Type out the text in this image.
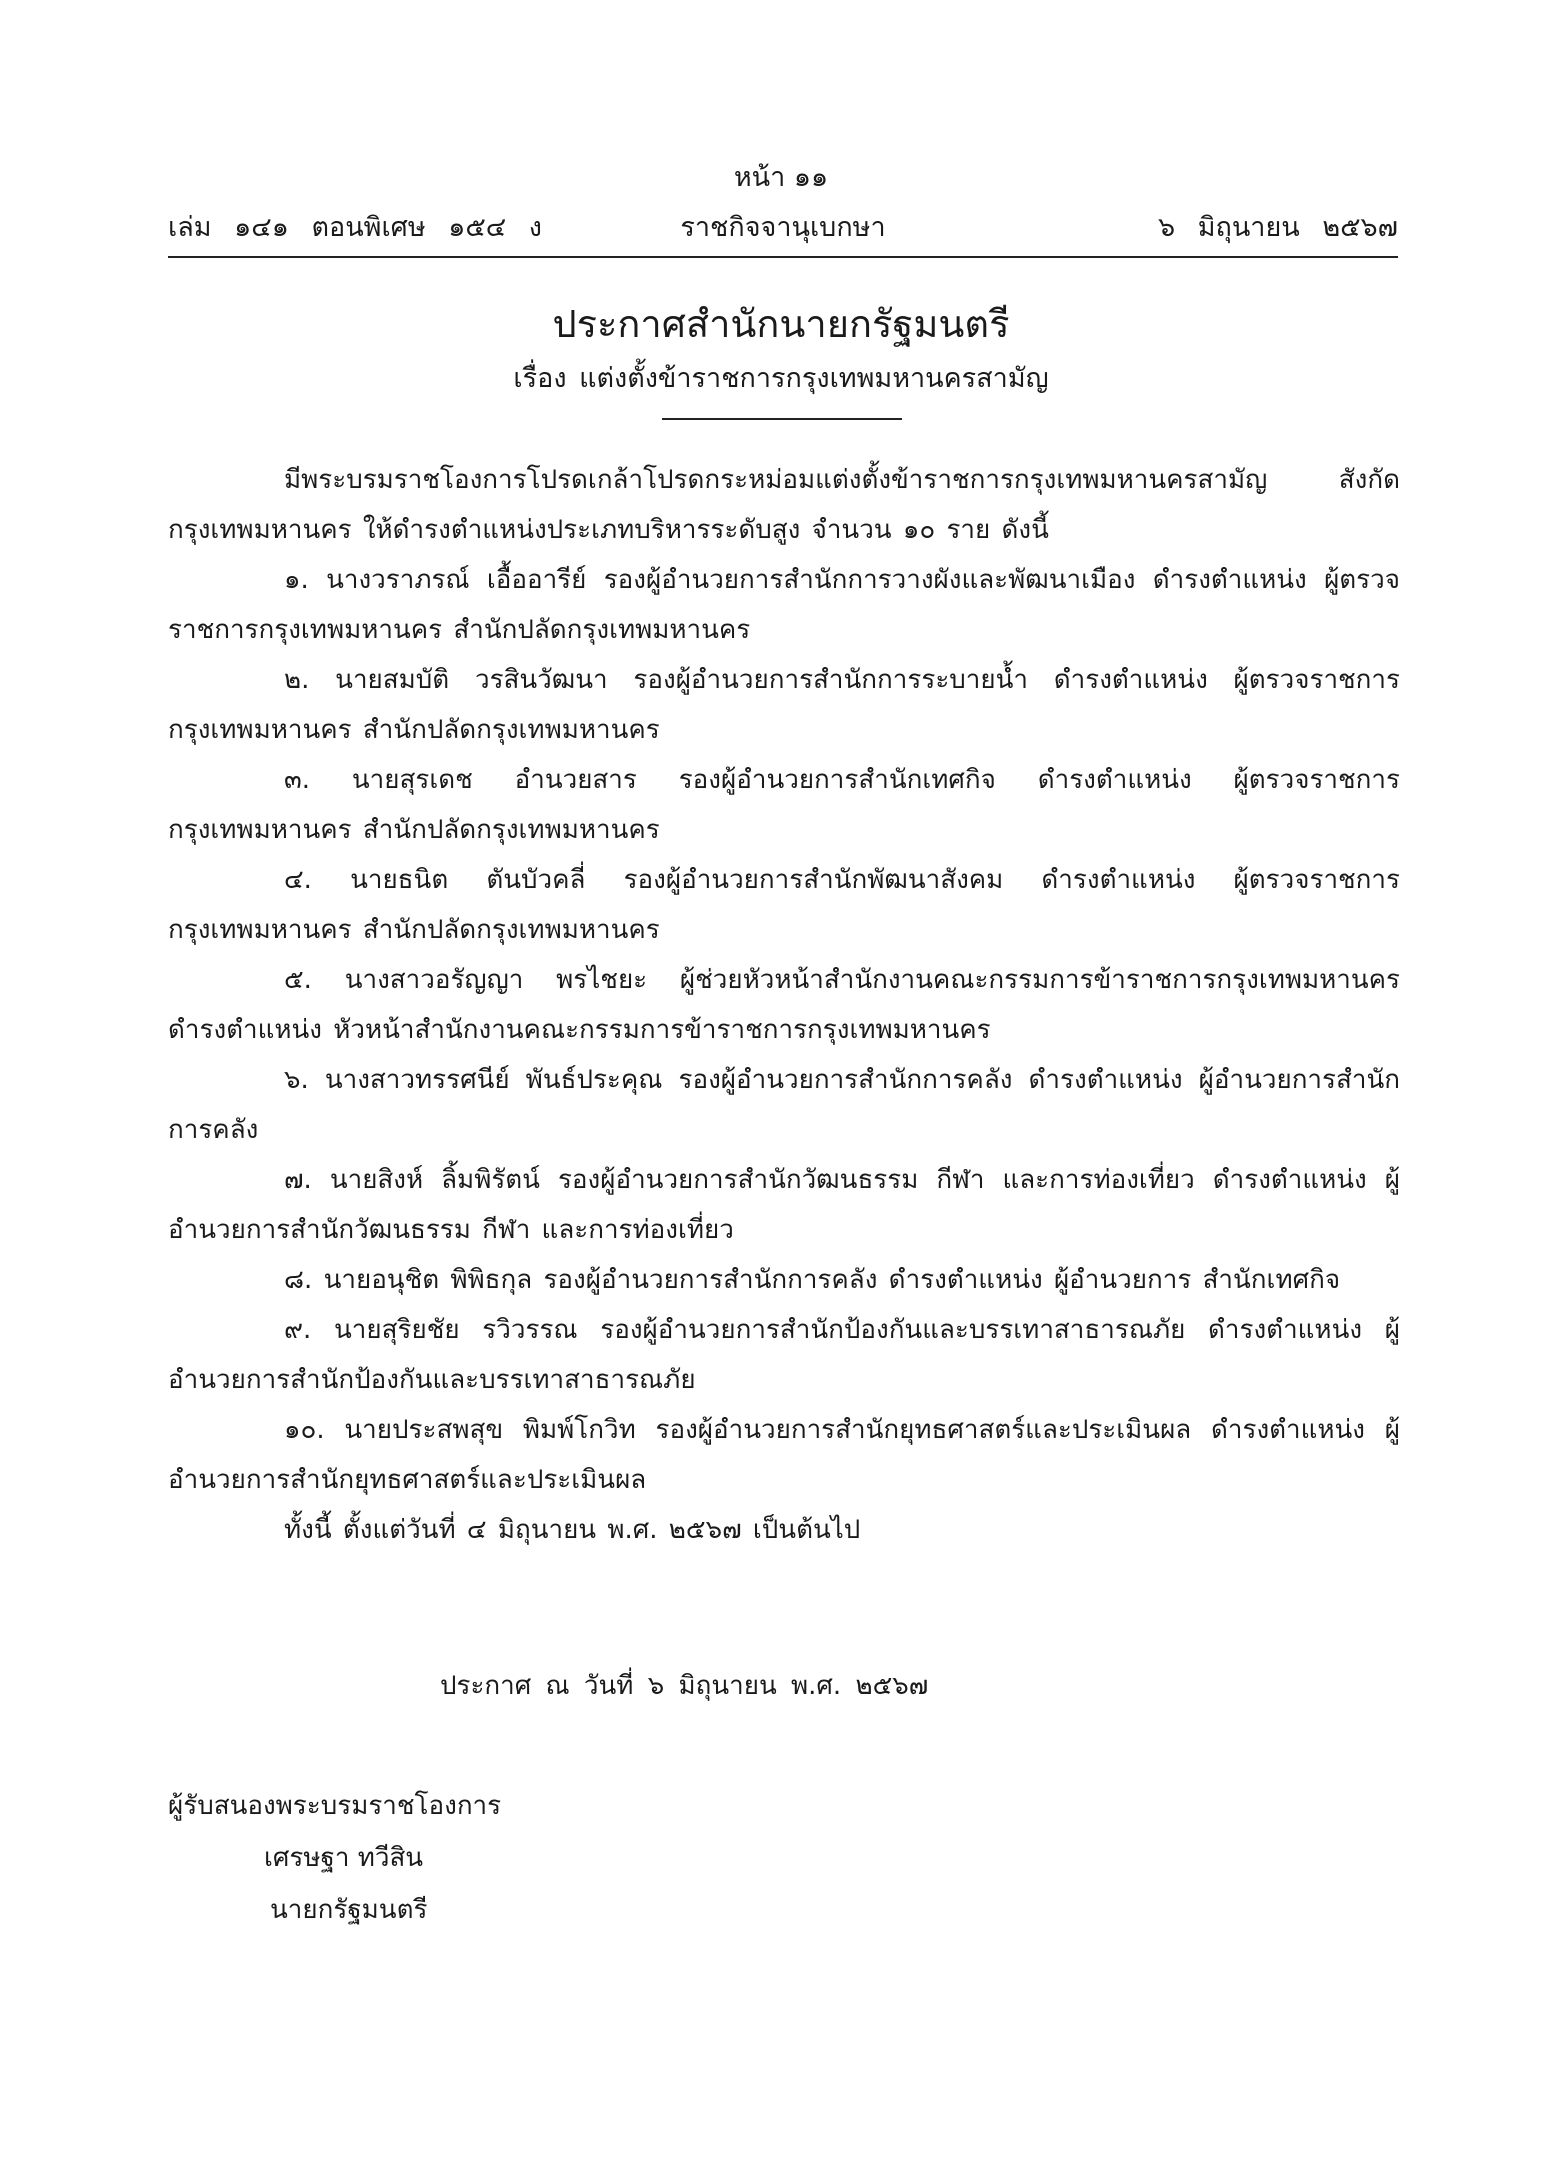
หน้า ๑๑
เล่ม ๑๔๑ ตอนพิเศษ ๑๕๔ ง	ราชกิจจานุเบกษา	๖ มิถุนายน ๒๕๖๗
ประกาศสำนักนายกรัฐมนตรี
เรื่อง แต่งตั้งข้าราชการกรุงเทพมหานครสามัญ

มีพระบรมราชโองการโปรดเกล้าโปรดกระหม่อมแต่งตั้งข้าราชการกรุงเทพมหานครสามัญ สังกัดกรุงเทพมหานคร ให้ดำรงตำแหน่งประเภทบริหารระดับสูง จำนวน ๑๐ ราย ดังนี้

๑. นางวราภรณ์ เอื้ออารีย์ รองผู้อำนวยการสำนักการวางผังและพัฒนาเมือง ดำรงตำแหน่ง ผู้ตรวจราชการกรุงเทพมหานคร สำนักปลัดกรุงเทพมหานคร

๒. นายสมบัติ วรสินวัฒนา รองผู้อำนวยการสำนักการระบายน้ำ ดำรงตำแหน่ง ผู้ตรวจราชการกรุงเทพมหานคร สำนักปลัดกรุงเทพมหานคร

๓. นายสุรเดช อำนวยสาร รองผู้อำนวยการสำนักเทศกิจ ดำรงตำแหน่ง ผู้ตรวจราชการ กรุงเทพมหานคร สำนักปลัดกรุงเทพมหานคร

๔. นายธนิต ตันบัวคลี่ รองผู้อำนวยการสำนักพัฒนาสังคม ดำรงตำแหน่ง ผู้ตรวจราชการ กรุงเทพมหานคร สำนักปลัดกรุงเทพมหานคร

๕. นางสาวอรัญญา พรไชยะ ผู้ช่วยหัวหน้าสำนักงานคณะกรรมการข้าราชการกรุงเทพมหานคร ดำรงตำแหน่ง หัวหน้าสำนักงานคณะกรรมการข้าราชการกรุงเทพมหานคร

๖. นางสาวทรรศนีย์ พันธ์ประคุณ รองผู้อำนวยการสำนักการคลัง ดำรงตำแหน่ง ผู้อำนวยการสำนักการคลัง

๗. นายสิงห์ ลิ้มพิรัตน์ รองผู้อำนวยการสำนักวัฒนธรรม กีฬา และการท่องเที่ยว ดำรงตำแหน่ง ผู้อำนวยการสำนักวัฒนธรรม กีฬา และการท่องเที่ยว

๘. นายอนุชิต พิพิธกุล รองผู้อำนวยการสำนักการคลัง ดำรงตำแหน่ง ผู้อำนวยการ สำนักเทศกิจ

๙. นายสุริยชัย รวิวรรณ รองผู้อำนวยการสำนักป้องกันและบรรเทาสาธารณภัย ดำรงตำแหน่ง ผู้อำนวยการสำนักป้องกันและบรรเทาสาธารณภัย

๑๐. นายประสพสุข พิมพ์โกวิท รองผู้อำนวยการสำนักยุทธศาสตร์และประเมินผล ดำรงตำแหน่ง ผู้อำนวยการสำนักยุทธศาสตร์และประเมินผล

ทั้งนี้ ตั้งแต่วันที่ ๔ มิถุนายน พ.ศ. ๒๕๖๗ เป็นต้นไป

ประกาศ ณ วันที่ ๖ มิถุนายน พ.ศ. ๒๕๖๗
ผู้รับสนองพระบรมราชโองการ
เศรษฐา ทวีสิน
นายกรัฐมนตรี
